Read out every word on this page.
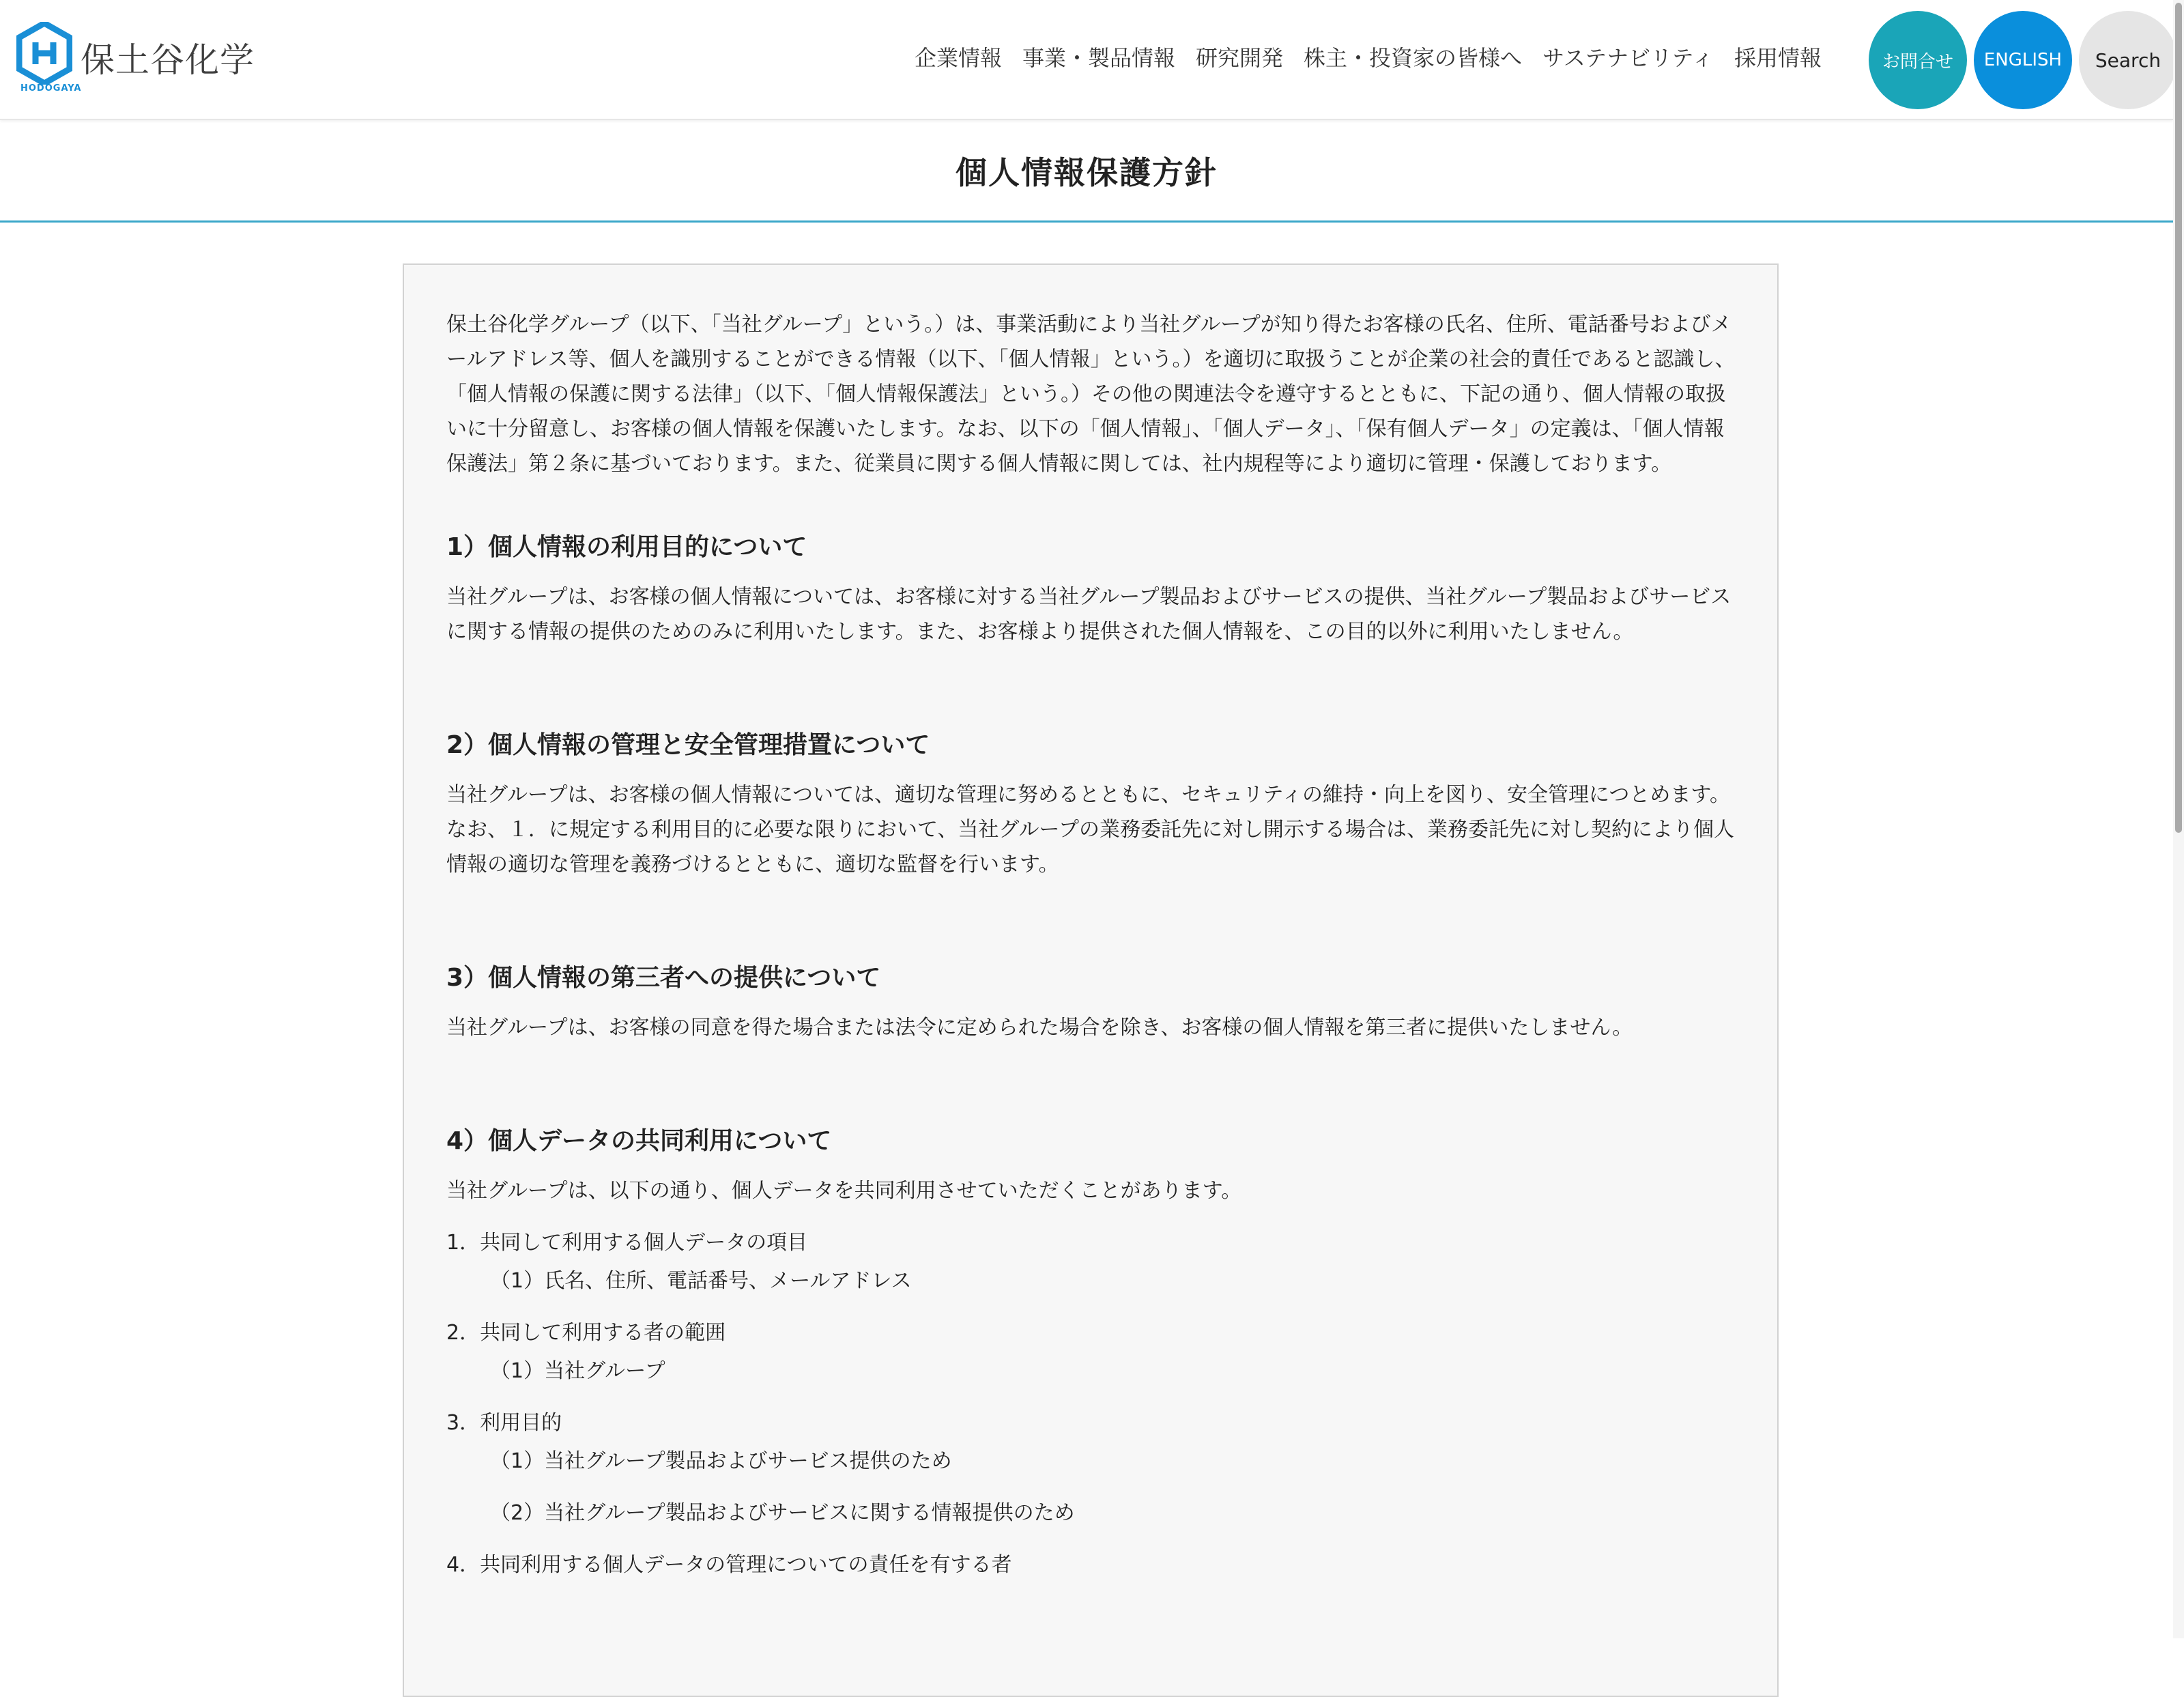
保土谷化学
HODOGAYA
企業情報 事業・製品情報 研究開発 株主・投資家の皆様へ サステナビリティ 採用情報	お問合せ	ENGLISH	Search
個人情報保護方針

保土谷化学グループ（以下、「当社グループ」という。）は、事業活動により当社グループが知り得たお客様の氏名、住所、電話番号およびメールアドレス等、個人を識別することができる情報（以下、「個人情報」という。）を適切に取扱うことが企業の社会的責任であると認識し、「個人情報の保護に関する法律」（以下、「個人情報保護法」という。）その他の関連法令を遵守するとともに、下記の通り、個人情報の取扱いに十分留意し、お客様の個人情報を保護いたします。なお、以下の「個人情報」、「個人データ」、「保有個人データ」の定義は、「個人情報保護法」第２条に基づいております。また、従業員に関する個人情報に関しては、社内規程等により適切に管理・保護しております。

1）個人情報の利用目的について

当社グループは、お客様の個人情報については、お客様に対する当社グループ製品およびサービスの提供、当社グループ製品およびサービスに関する情報の提供のためのみに利用いたします。また、お客様より提供された個人情報を、この目的以外に利用いたしません。

2）個人情報の管理と安全管理措置について

当社グループは、お客様の個人情報については、適切な管理に努めるとともに、セキュリティの維持・向上を図り、安全管理につとめます。なお、１．に規定する利用目的に必要な限りにおいて、当社グループの業務委託先に対し開示する場合は、業務委託先に対し契約により個人情報の適切な管理を義務づけるとともに、適切な監督を行います。

3）個人情報の第三者への提供について

当社グループは、お客様の同意を得た場合または法令に定められた場合を除き、お客様の個人情報を第三者に提供いたしません。

4）個人データの共同利用について

当社グループは、以下の通り、個人データを共同利用させていただくことがあります。

1．共同して利用する個人データの項目
（1）氏名、住所、電話番号、メールアドレス
2．共同して利用する者の範囲
（1）当社グループ
3．利用目的
（1）当社グループ製品およびサービス提供のため
（2）当社グループ製品およびサービスに関する情報提供のため
4．共同利用する個人データの管理についての責任を有する者
